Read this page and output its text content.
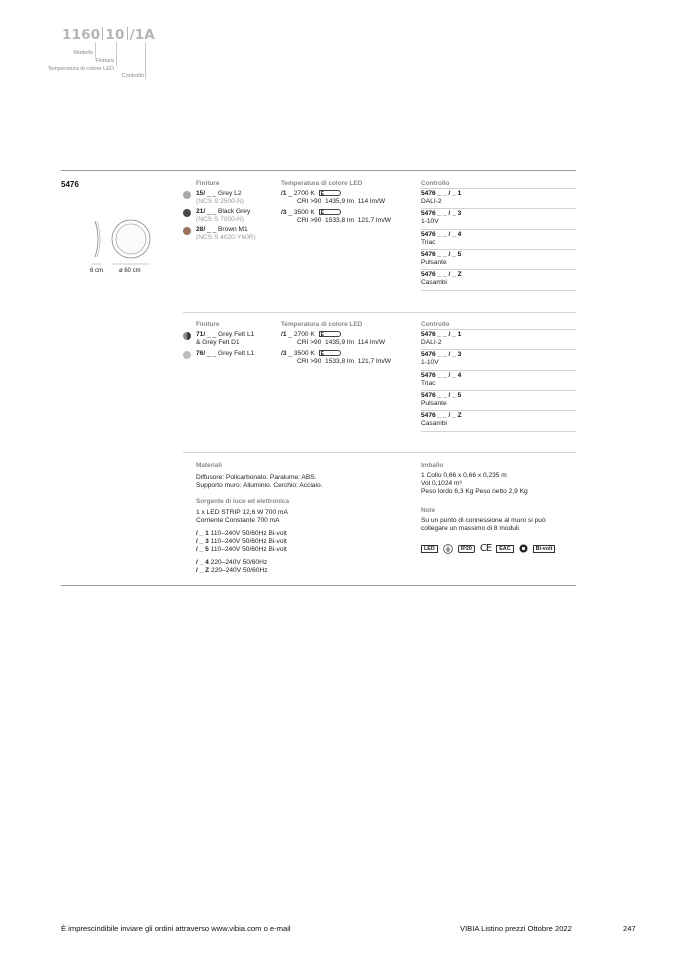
1160 10 /1A
Modello
Finitura
Temperatura di colore LED
Controllo
5476
6 cm	ø 60 cm
Finiture
15/ _ _ Grey L2
(NCS S 2500-N)
21/ _ _ Black Grey
(NCS S 7000-N)
28/ _ _ Brown M1
(NCS S 4020-Y60R)
Temperatura di colore LED
/1 _ 2700 K E

CRI >90 1435,9 lm 114 lm/W
/3 _ 3500 K E

CRI >90 1533,8 lm 121,7 lm/W
Controllo
5476 _ _ / _ 1
DALI-2
5476 _ _ / _ 3
1-10V
5476 _ _ / _ 4
Triac
5476 _ _ / _ 5
Pulsante
5476 _ _ / _ Z
Casambi
Finiture
71/ _ _ Grey Felt L1
& Grey Felt D1
76/ _ _ Grey Felt L1
Temperatura di colore LED
/1 _ 2700 K E

CRI >90 1435,9 lm 114 lm/W
/3 _ 3500 K E

CRI >90 1533,8 lm 121,7 lm/W
Controllo
5476 _ _ / _ 1
DALI-2
5476 _ _ / _ 3
1-10V
5476 _ _ / _ 4
Triac
5476 _ _ / _ 5
Pulsante
5476 _ _ / _ Z
Casambi
Materiali
Diffusore: Policarbonato. Paralume: ABS.
Supporto muro: Alluminio. Cerchio: Acciaio.
Sorgente di luce ed elettronica
1 x LED STRIP 12,6 W 700 mA
Corriente Constante 700 mA
/ _ 1 110–240V 50/60Hz Bi-volt
/ _ 3 110–240V 50/60Hz Bi-volt
/ _ 5 110–240V 50/60Hz Bi-volt
/ _ 4 220–240V 50/60Hz
/ _ Z 220–240V 50/60Hz
Imballo
1 Collo 0,66 x 0,66 x 0,235 m
Vol 0,1024 m³
Peso lordo 6,3 Kg Peso netto 2,9 Kg
Note
Su un punto di connessione al muro si può
collegare un massimo di 8 moduli.
LED	IP20 CE	EAC	Bi-volt
È imprescindibile inviare gli ordini attraverso www.vibia.com o e-mail	VIBIA Listino prezzi Ottobre 2022	247
